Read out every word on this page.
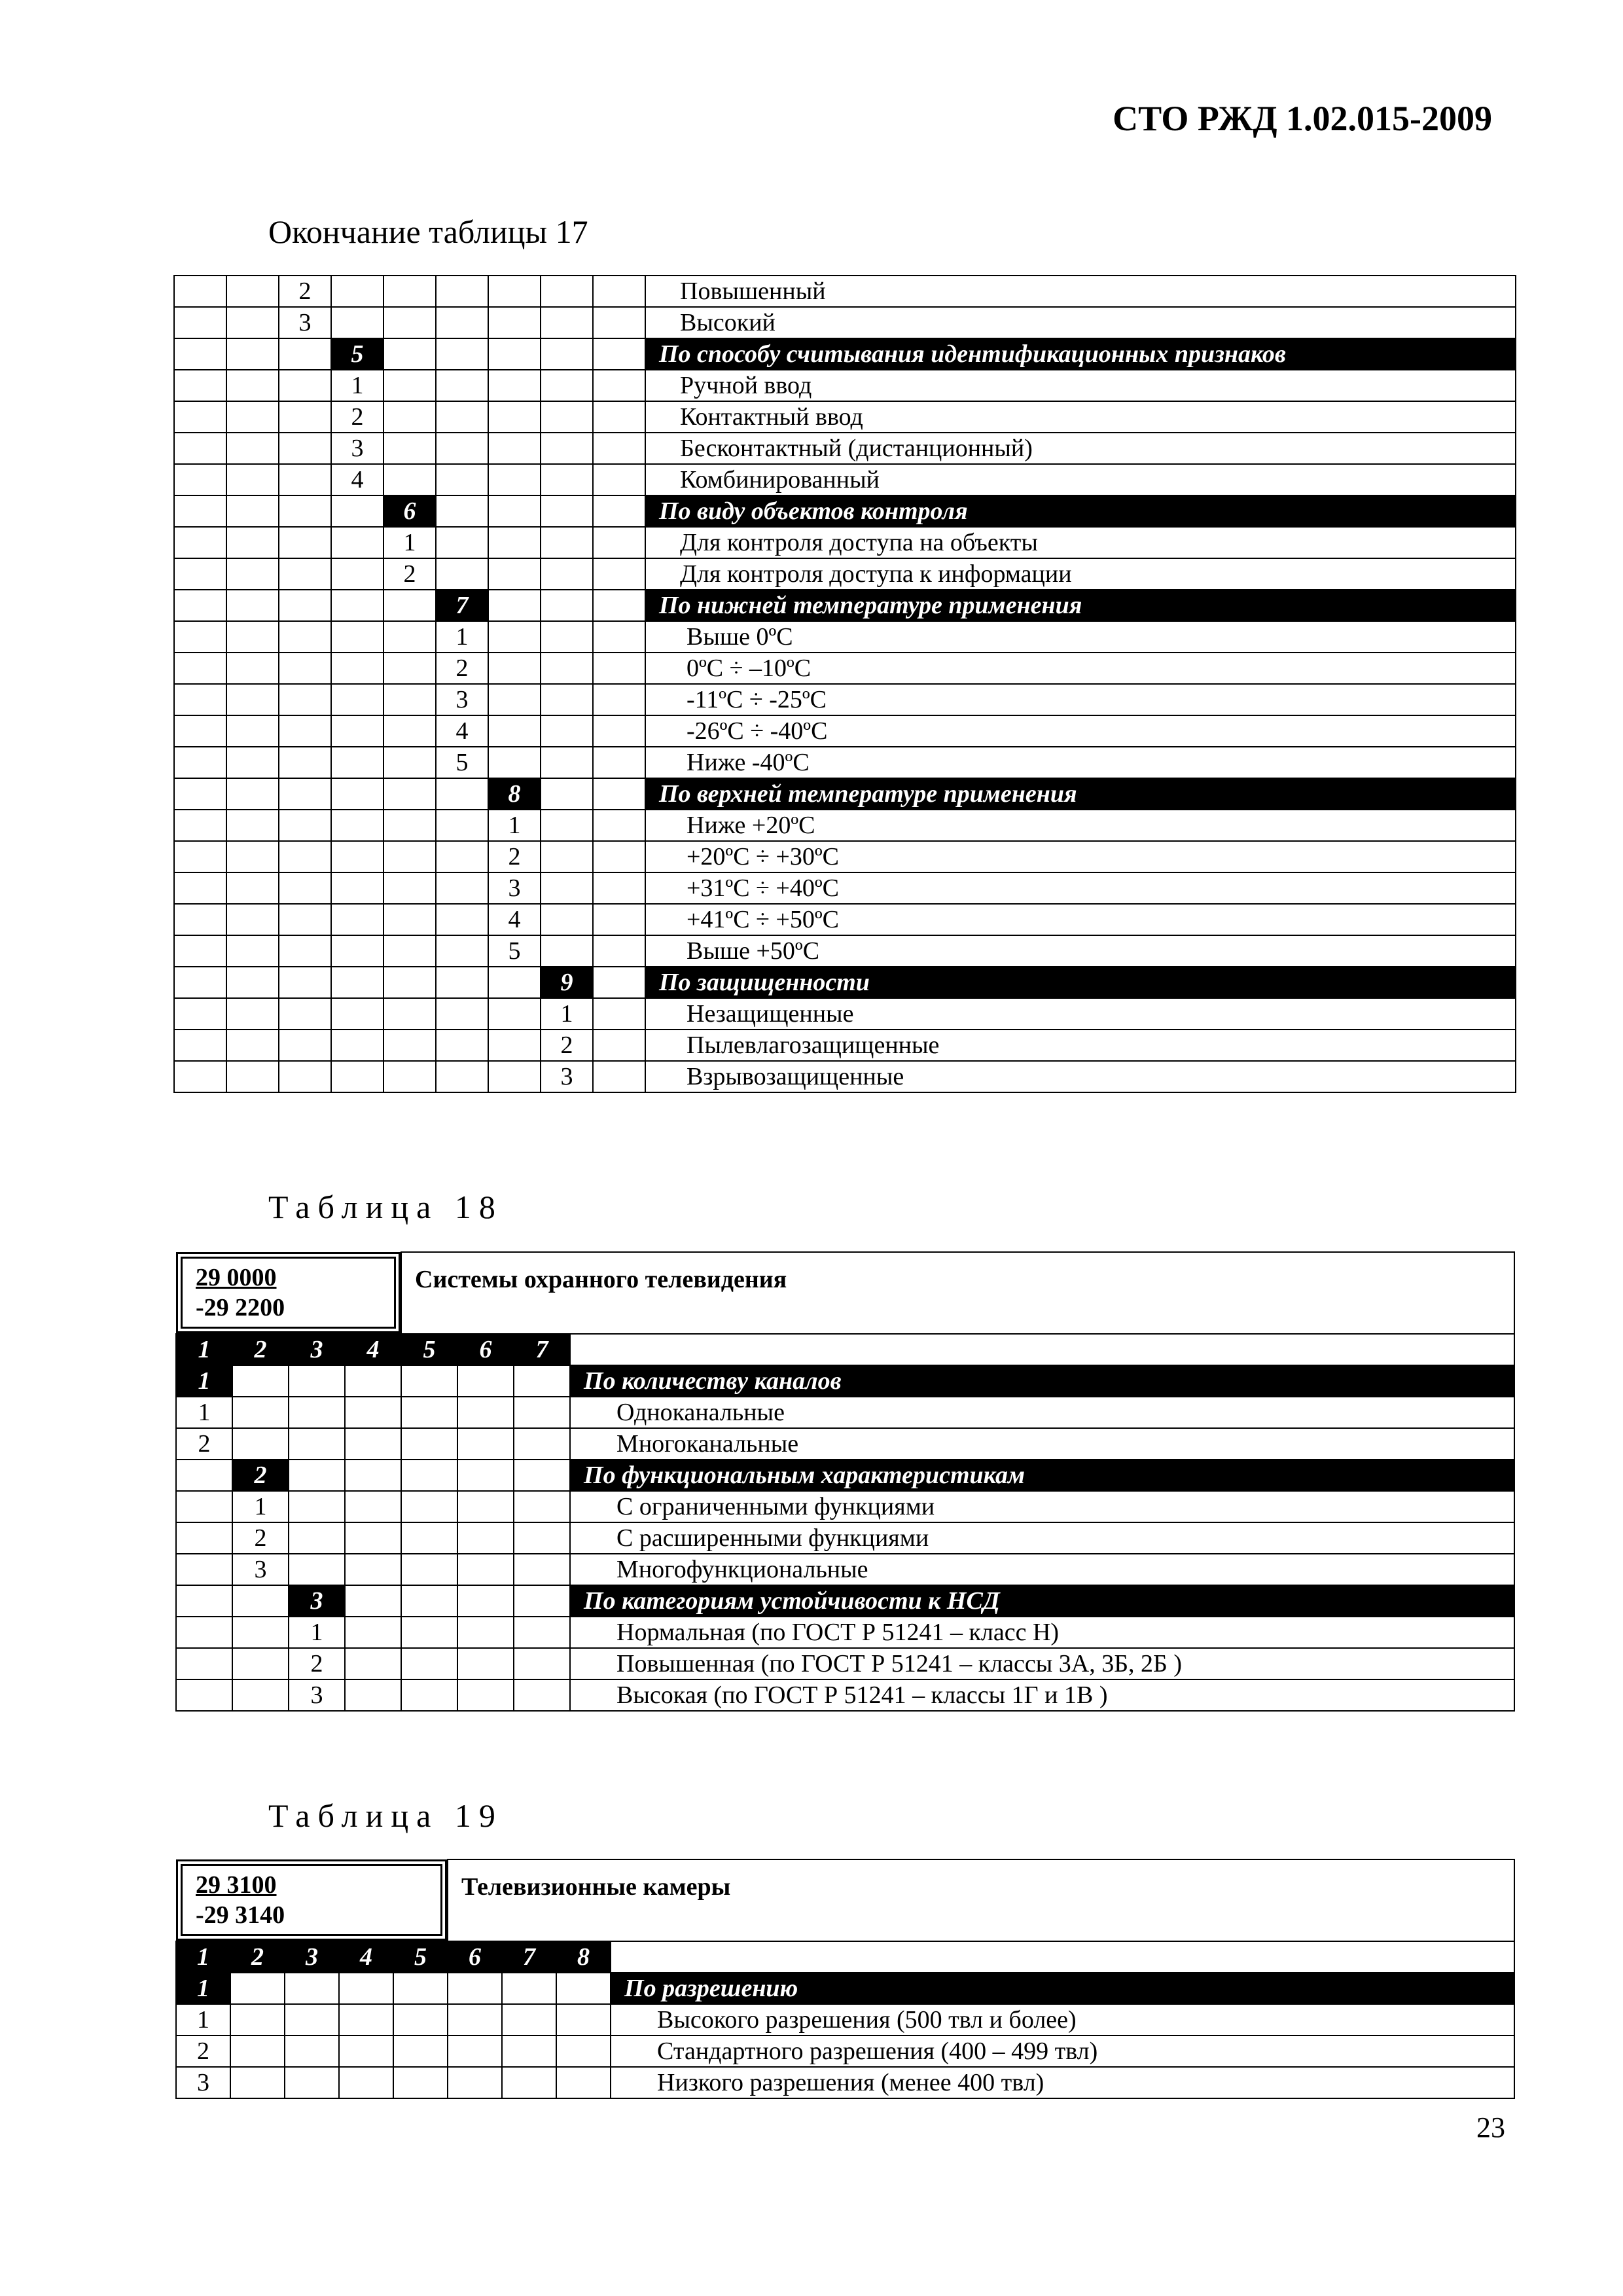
СТО РЖД 1.02.015-2009
Окончание таблицы 17
		2							Повышенный
		3							Высокий
			5						По способу считывания идентификационных признаков
			1						Ручной ввод
			2						Контактный ввод
			3						Бесконтактный (дистанционный)
			4						Комбинированный
				6					По виду объектов контроля
				1					Для контроля доступа на объекты
				2					Для контроля доступа к информации
					7				По нижней температуре применения
					1				Выше 0ºС
					2				0ºС ÷ –10ºС
					3				-11ºС ÷ -25ºС
					4				-26ºС ÷ -40ºС
					5				Ниже -40ºС
						8			По верхней температуре применения
						1			Ниже +20ºС
						2			+20ºС ÷ +30ºС
						3			+31ºС ÷ +40ºС
						4			+41ºС ÷ +50ºС
						5			Выше +50ºС
							9		По защищенности
							1		Незащищенные
							2		Пылевлагозащищенные
							3		Взрывозащищенные
Таблица 18
29 0000
-29 2200				Системы охранного телевидения			
1	2	3	4	5	6	7	
1							По количеству каналов
1							Одноканальные
2							Многоканальные
	2						По функциональным характеристикам
	1						С ограниченными функциями
	2						С расширенными функциями
	3						Многофункциональные
		3					По категориям устойчивости к НСД
		1					Нормальная (по ГОСТ Р 51241 – класс Н)
		2					Повышенная (по ГОСТ Р 51241 – классы 3А, 3Б, 2Б )
		3					Высокая (по ГОСТ Р 51241 – классы 1Г и 1В )
Таблица 19
29 3100
-29 3140					Телевизионные камеры			
1	2	3	4	5	6	7	8	
1								По разрешению
1								Высокого разрешения (500 твл и более)
2								Стандартного разрешения (400 – 499 твл)
3								Низкого разрешения (менее 400 твл)
23
